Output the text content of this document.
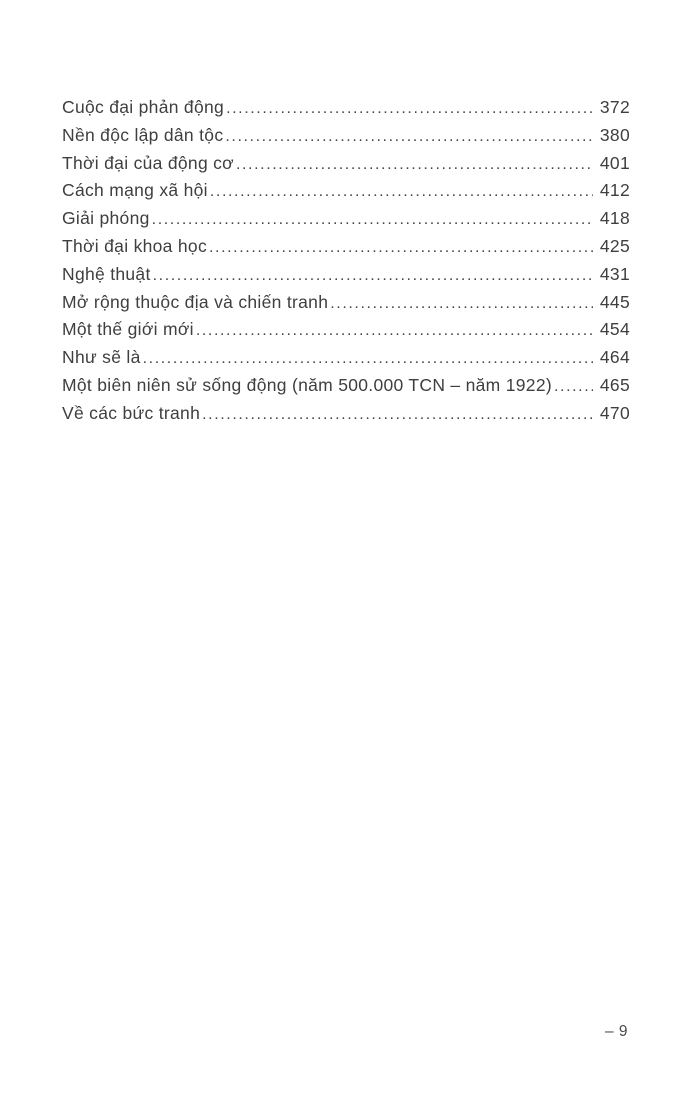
Cuộc đại phản động .....	372
Nền độc lập dân tộc .....	380
Thời đại của động cơ .....	401
Cách mạng xã hội .....	412
Giải phóng .....	418
Thời đại khoa học .....	425
Nghệ thuật .....	431
Mở rộng thuộc địa và chiến tranh .....	445
Một thế giới mới .....	454
Như sẽ là .....	464
Một biên niên sử sống động (năm 500.000 TCN – năm 1922) .....	465
Về các bức tranh .....	470
– 9
